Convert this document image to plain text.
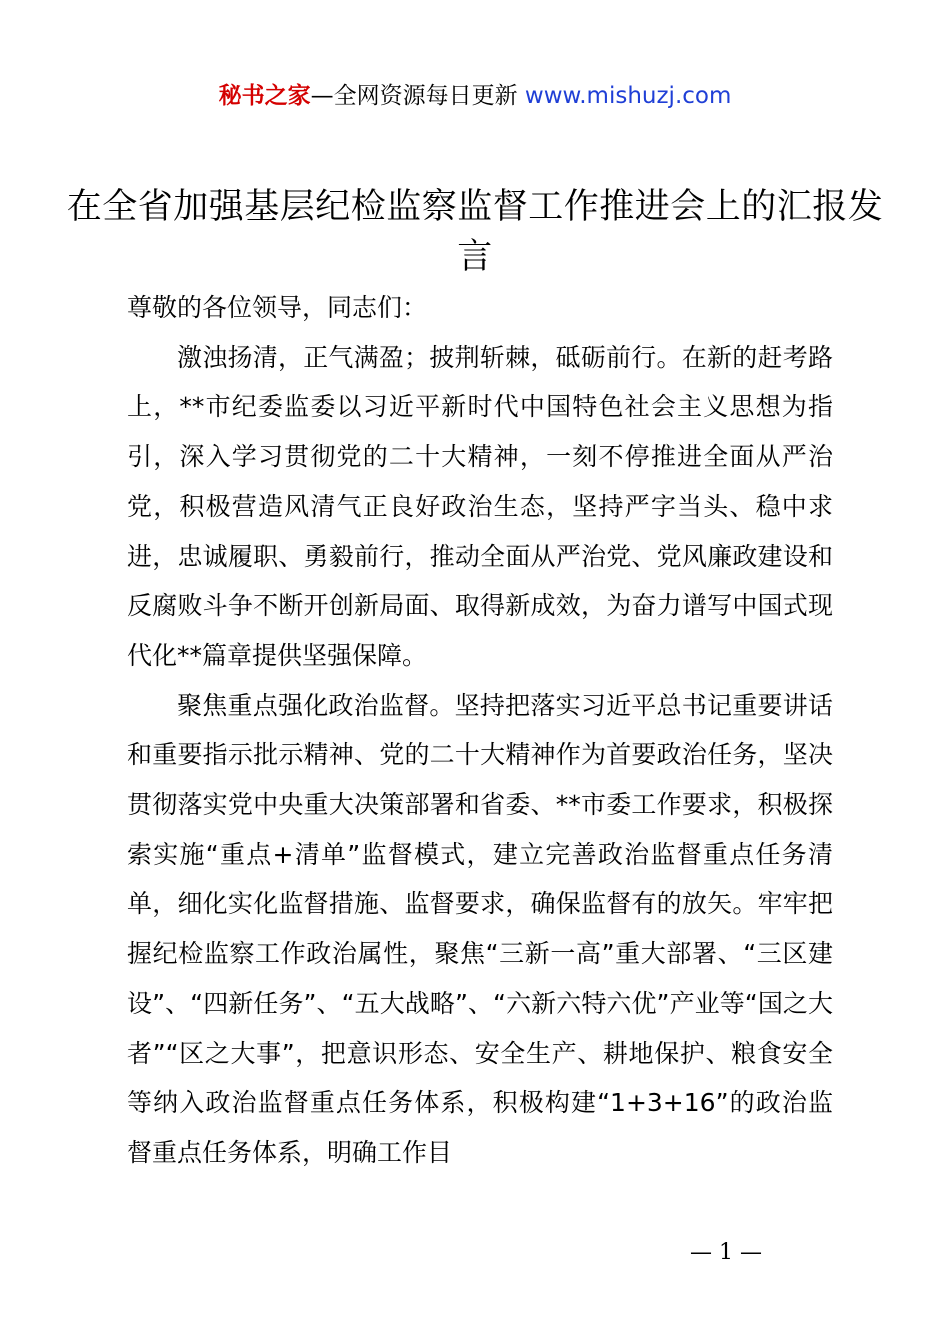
秘书之家—全网资源每日更新 www.mishuzj.com
在全省加强基层纪检监察监督工作推进会上的汇报发言

尊敬的各位领导，同志们：

激浊扬清，正气满盈；披荆斩棘，砥砺前行。在新的赶考路上，**市纪委监委以习近平新时代中国特色社会主义思想为指引，深入学习贯彻党的二十大精神，一刻不停推进全面从严治党，积极营造风清气正良好政治生态，坚持严字当头、稳中求进，忠诚履职、勇毅前行，推动全面从严治党、党风廉政建设和反腐败斗争不断开创新局面、取得新成效，为奋力谱写中国式现代化**篇章提供坚强保障。

聚焦重点强化政治监督。坚持把落实习近平总书记重要讲话和重要指示批示精神、党的二十大精神作为首要政治任务，坚决贯彻落实党中央重大决策部署和省委、**市委工作要求，积极探索实施“重点+清单”监督模式，建立完善政治监督重点任务清单，细化实化监督措施、监督要求，确保监督有的放矢。牢牢把握纪检监察工作政治属性，聚焦“三新一高”重大部署、“三区建设”、“四新任务”、“五大战略”、“六新六特六优”产业等“国之大者”“区之大事”，把意识形态、安全生产、耕地保护、粮食安全等纳入政治监督重点任务体系，积极构建“1+3+16”的政治监督重点任务体系，明确工作目

— 1 —
